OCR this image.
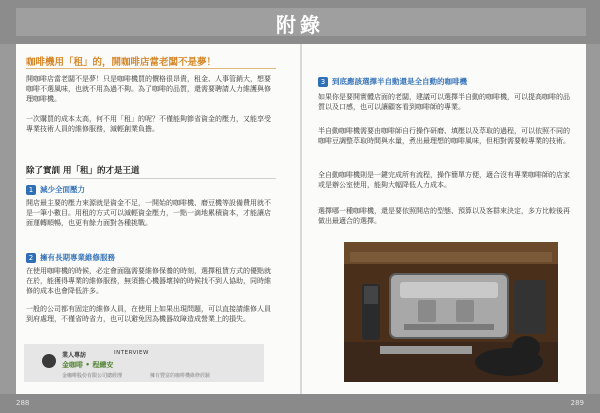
附錄
咖啡機用「租」的，開咖啡店當老闆不是夢！
開咖啡店當老闆不是夢！只是咖啡機買的價格很昂貴，租金、人事管銷大，想要咖啡不選風味，也就不用為過不夠。為了咖啡的品質，還需要聘請人力維護與修理咖啡機。
一次購買的成本太高，何不用「租」的呢？不僅能夠節省資金的壓力，又能享受專業技術人員的維修服務，減輕創業負擔。
除了實訓 用「租」的才是王道
1 減少全面壓力
開店最主要的壓力來源就是資金不足，一開始的咖啡機、磨豆機等設備費用就不是一筆小數目。用租的方式可以減輕資金壓力，一點一滴地累積資本，才能讓店面運轉順暢，也更有餘力面對各種挑戰。
2 擁有長期專業維修服務
在使用咖啡機的時候，必定會面臨需要維修保養的時刻，選擇租賃方式的優點就在於，能獲得專業的維修服務，無須擔心機器壞掉的時候找不到人協助，同時維修的成本也會降低許多。
一般的公司都有固定的維修人員，在使用上如果出現問題，可以直接請維修人員到府處理，不僅省時省力，也可以避免因為機器故障造成營業上的損失。
業人專訪	INTERVIEW
金咖啡 • 程總安
金咖啡股份有限公司總經理	擁有豐富的咖啡機維修經驗
3 到底應該選擇半自動還是全自動的咖啡機
如果你是要開實體店面的老闆，建議可以選擇半自動的咖啡機，可以提高咖啡的品質以及口感，也可以讓顧客看到咖啡師的專業。
半自動咖啡機需要由咖啡師自行操作研磨、填壓以及萃取的過程，可以依照不同的咖啡豆調整萃取時間與水量，煮出最理想的咖啡風味，但相對需要較專業的技術。
全自動咖啡機則是一鍵完成所有流程，操作簡單方便，適合沒有專業咖啡師的店家或是辦公室使用，能夠大幅降低人力成本。
選擇哪一種咖啡機，還是要依照開店的型態、預算以及客群來決定，多方比較後再做出最適合的選擇。
288	289
